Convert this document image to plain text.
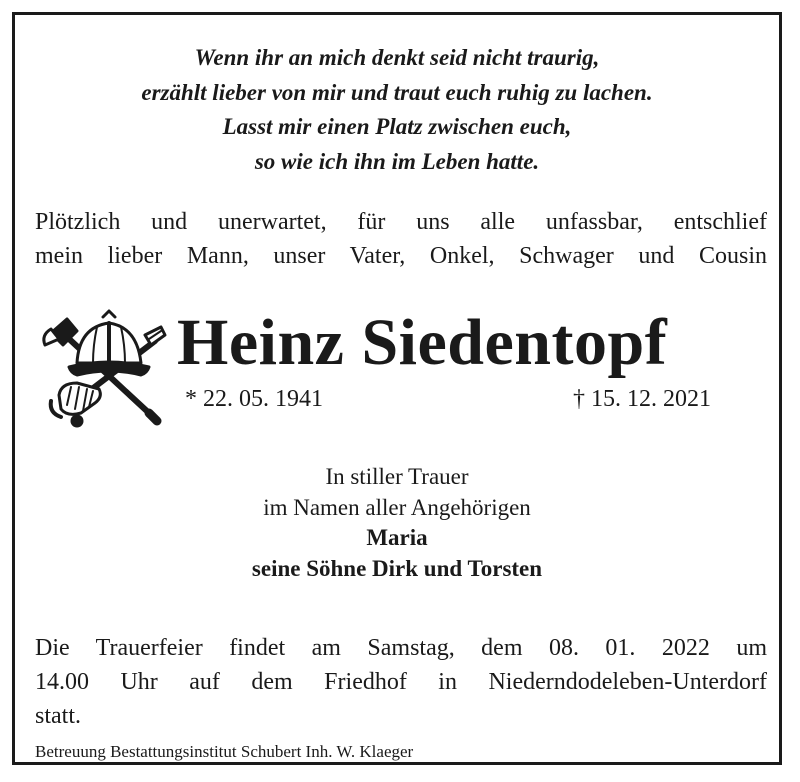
Wenn ihr an mich denkt seid nicht traurig,
erzählt lieber von mir und traut euch ruhig zu lachen.
Lasst mir einen Platz zwischen euch,
so wie ich ihn im Leben hatte.
Plötzlich und unerwartet, für uns alle unfassbar, entschlief
mein lieber Mann, unser Vater, Onkel, Schwager und Cousin
Heinz Siedentopf
* 22. 05. 1941	† 15. 12. 2021
In stiller Trauer
im Namen aller Angehörigen
Maria
seine Söhne Dirk und Torsten
Die Trauerfeier findet am Samstag, dem 08. 01. 2022 um
14.00 Uhr auf dem Friedhof in Niederndodeleben-Unterdorf
statt.
Betreuung Bestattungsinstitut Schubert Inh. W. Klaeger
